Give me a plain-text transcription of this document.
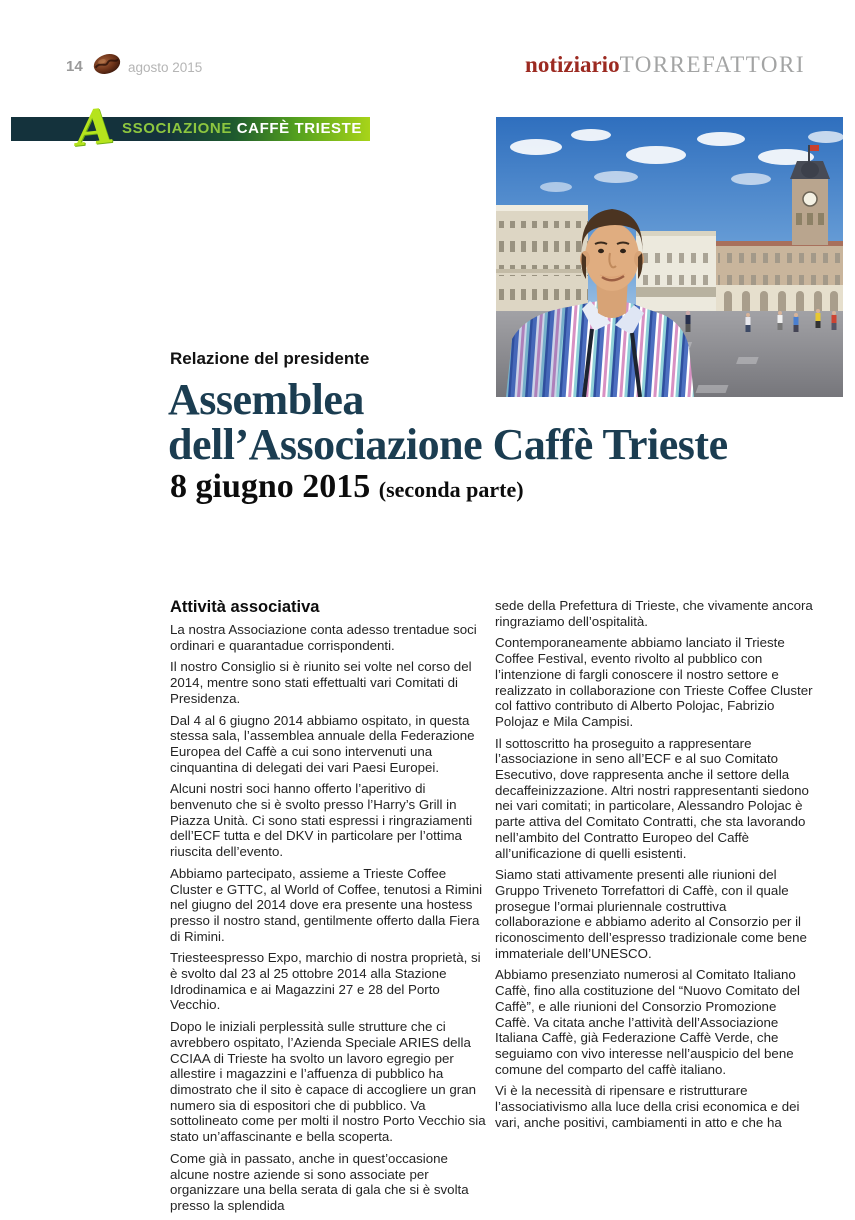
14	agosto 2015	notiziarioTORREFATTORI
A SSOCIAZIONE CAFFÈ TRIESTE
Relazione del presidente
Assemblea
dell’Associazione Caffè Trieste
8 giugno 2015 (seconda parte)
Attività associativa

La nostra Associazione conta adesso trentadue soci ordinari e quarantadue corrispondenti.

Il nostro Consiglio si è riunito sei volte nel corso del 2014, mentre sono stati effettualti vari Comitati di Presidenza.

Dal 4 al 6 giugno 2014 abbiamo ospitato, in questa stessa sala, l’assemblea annuale della Federazione Europea del Caffè a cui sono intervenuti una cinquantina di delegati dei vari Paesi Europei.

Alcuni nostri soci hanno offerto l’aperitivo di benvenuto che si è svolto presso l’Harry’s Grill in Piazza Unità. Ci sono stati espressi i ringraziamenti dell’ECF tutta e del DKV in particolare per l’ottima riuscita dell’evento.

Abbiamo partecipato, assieme a Trieste Coffee Cluster e GTTC, al World of Coffee, tenutosi a Rimini nel giugno del 2014 dove era presente una hostess presso il nostro stand, gentilmente offerto dalla Fiera di Rimini.

Triesteespresso Expo, marchio di nostra proprietà, si è svolto dal 23 al 25 ottobre 2014 alla Stazione Idrodinamica e ai Magazzini 27 e 28 del Porto Vecchio.

Dopo le iniziali perplessità sulle strutture che ci avrebbero ospitato, l’Azienda Speciale ARIES della CCIAA di Trieste ha svolto un lavoro egregio per allestire i magazzini e l’affuenza di pubblico ha dimostrato che il sito è capace di accogliere un gran numero sia di espositori che di pubblico. Va sottolineato come per molti il nostro Porto Vecchio sia stato un’affascinante e bella scoperta.

Come già in passato, anche in quest’occasione alcune nostre aziende si sono associate per organizzare una bella serata di gala che si è svolta presso la splendida

sede della Prefettura di Trieste, che vivamente ancora ringraziamo dell’ospitalità.

Contemporaneamente abbiamo lanciato il Trieste Coffee Festival, evento rivolto al pubblico con l’intenzione di fargli conoscere il nostro settore e realizzato in collaborazione con Trieste Coffee Cluster col fattivo contributo di Alberto Polojac, Fabrizio Polojaz e Mila Campisi.

Il sottoscritto ha proseguito a rappresentare l’associazione in seno all’ECF e al suo Comitato Esecutivo, dove rappresenta anche il settore della decaffeinizzazione. Altri nostri rappresentanti siedono nei vari comitati; in particolare, Alessandro Polojac è parte attiva del Comitato Contratti, che sta lavorando nell’ambito del Contratto Europeo del Caffè all’unificazione di quelli esistenti.

Siamo stati attivamente presenti alle riunioni del Gruppo Triveneto Torrefattori di Caffè, con il quale prosegue l’ormai pluriennale costruttiva collaborazione e abbiamo aderito al Consorzio per il riconoscimento dell’espresso tradizionale come bene immateriale dell’UNESCO.

Abbiamo presenziato numerosi al Comitato Italiano Caffè, fino alla costituzione del “Nuovo Comitato del Caffè”, e alle riunioni del Consorzio Promozione Caffè. Va citata anche l’attività dell’Associazione Italiana Caffè, già Federazione Caffè Verde, che seguiamo con vivo interesse nell’auspicio del bene comune del comparto del caffè italiano.

Vi è la necessità di ripensare e ristrutturare l’associativismo alla luce della crisi economica e dei vari, anche positivi, cambiamenti in atto e che ha
